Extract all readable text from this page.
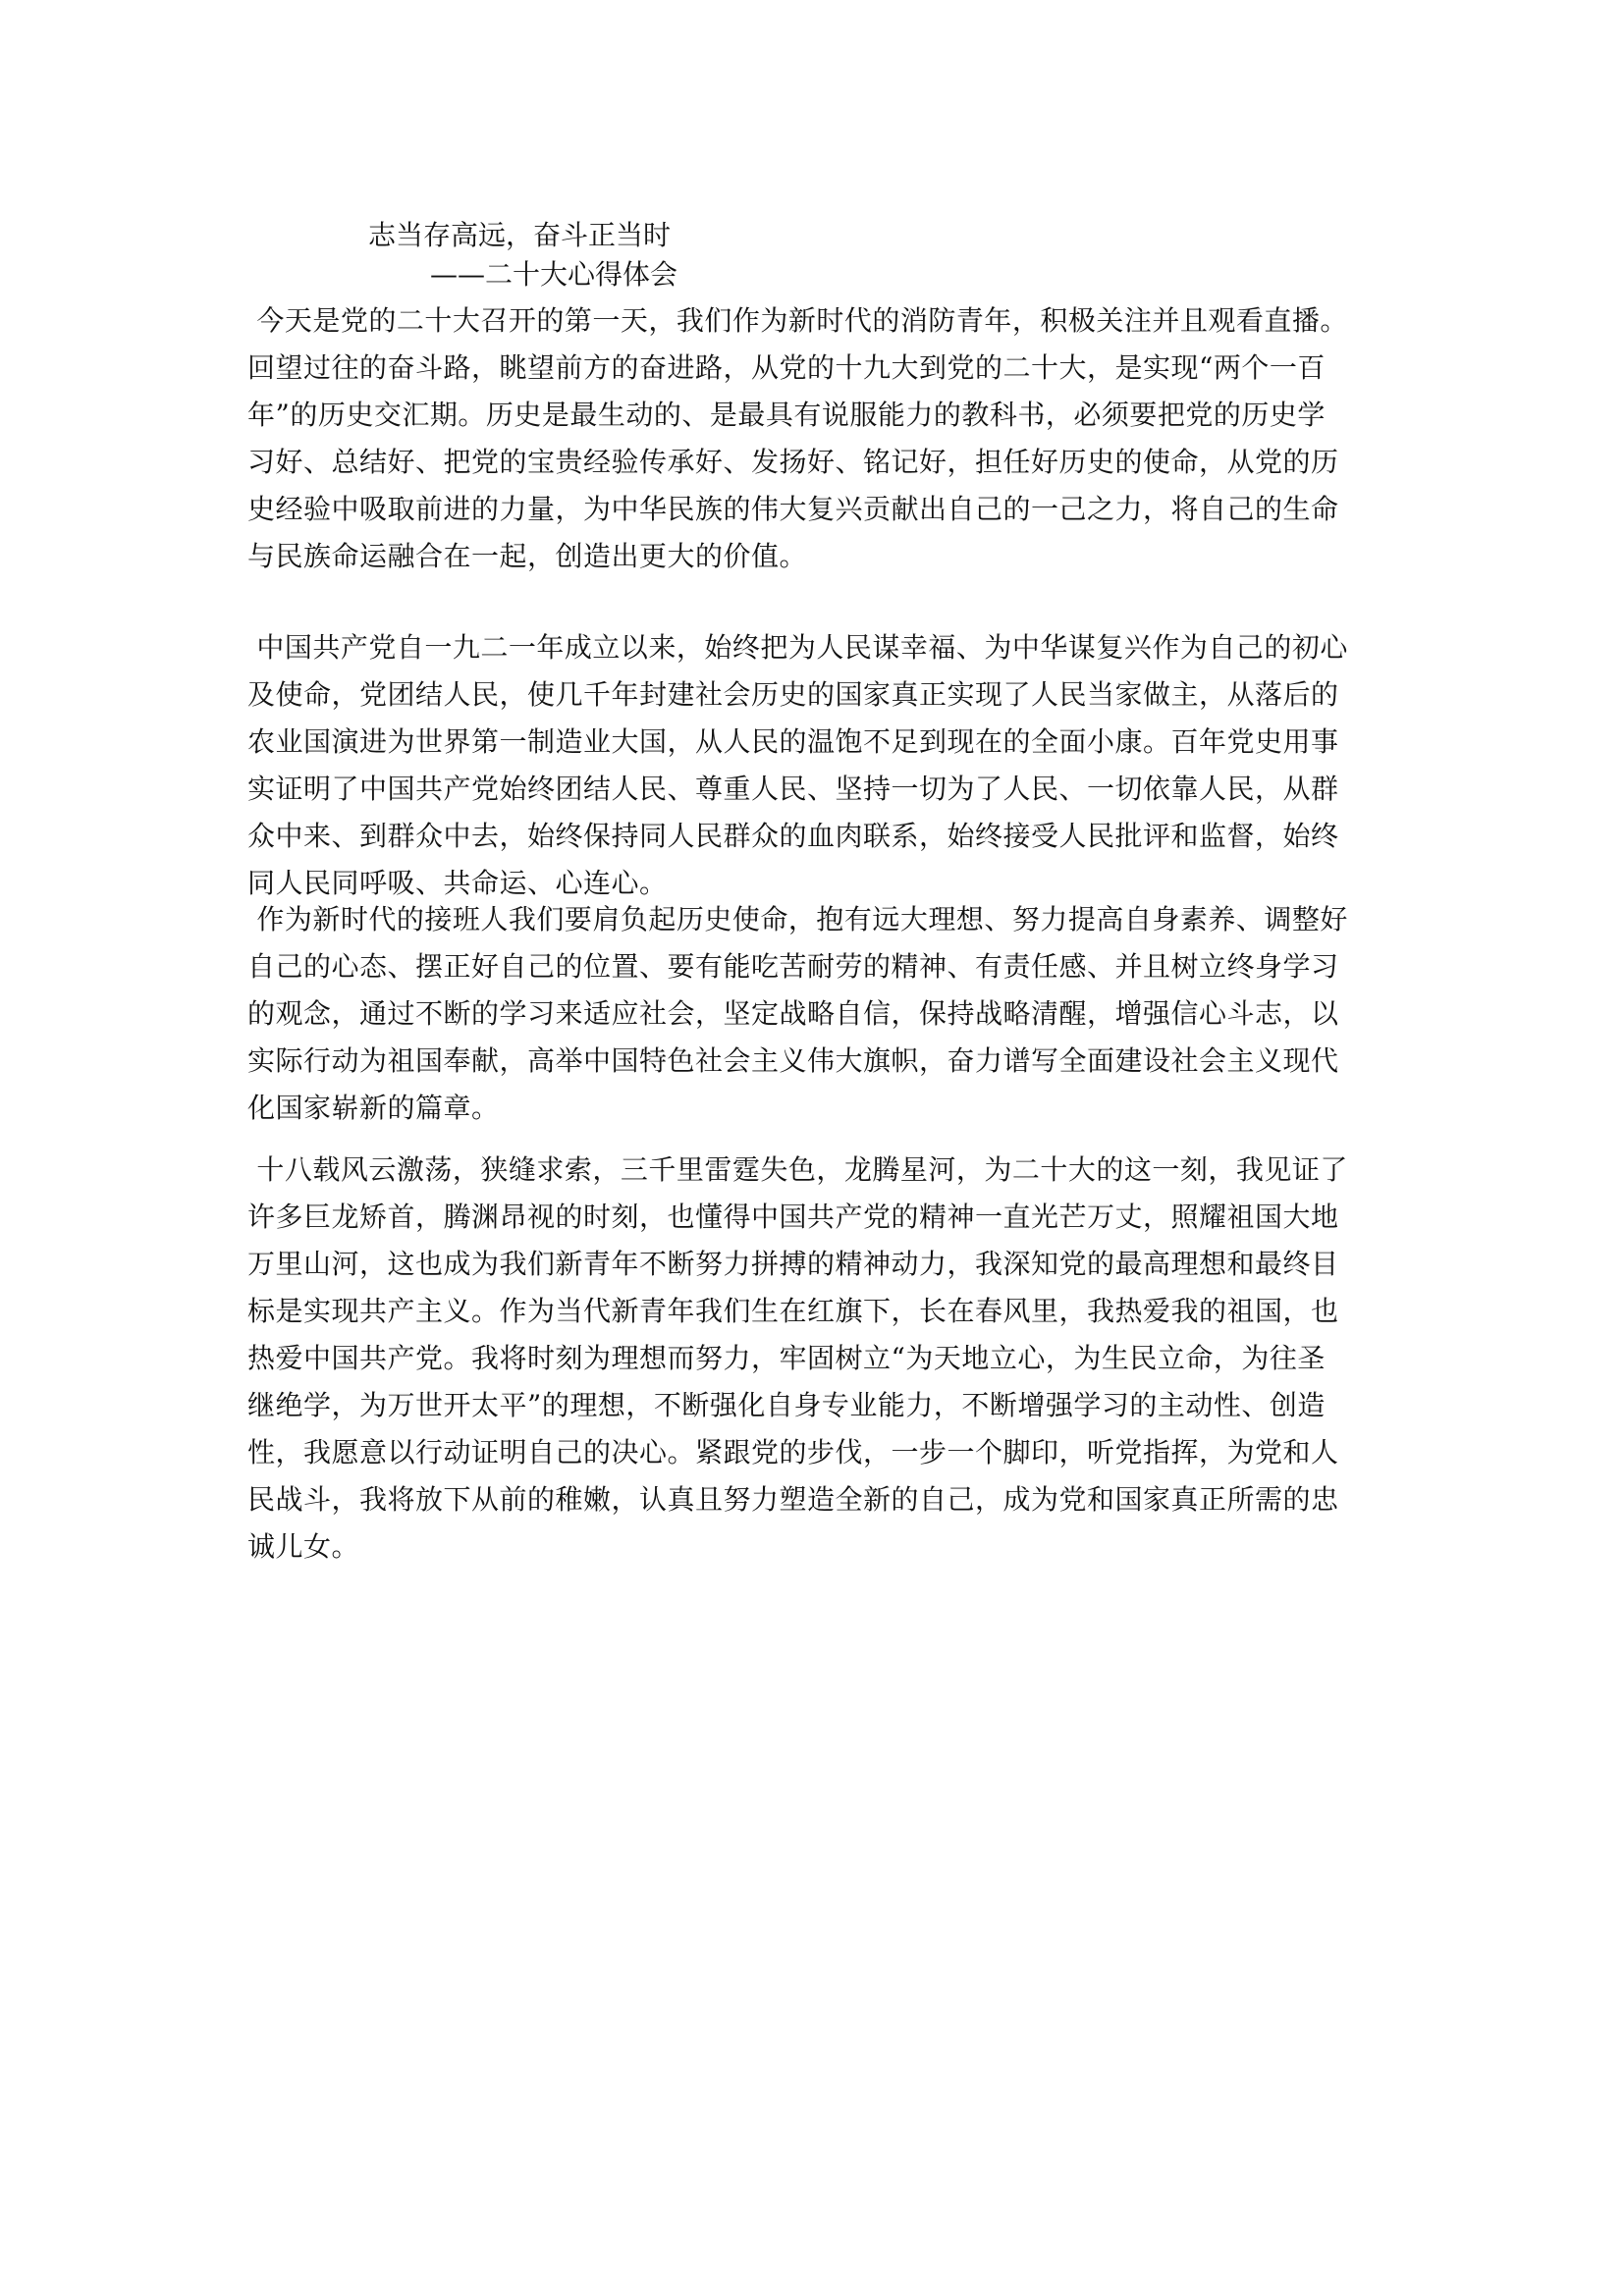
志当存高远，奋斗正当时
——二十大心得体会
今天是党的二十大召开的第一天，我们作为新时代的消防青年，积极关注并且观看直播。
回望过往的奋斗路，眺望前方的奋进路，从党的十九大到党的二十大，是实现“两个一百
年”的历史交汇期。历史是最生动的、是最具有说服能力的教科书，必须要把党的历史学
习好、总结好、把党的宝贵经验传承好、发扬好、铭记好，担任好历史的使命，从党的历
史经验中吸取前进的力量，为中华民族的伟大复兴贡献出自己的一己之力，将自己的生命
与民族命运融合在一起，创造出更大的价值。
中国共产党自一九二一年成立以来，始终把为人民谋幸福、为中华谋复兴作为自己的初心
及使命，党团结人民，使几千年封建社会历史的国家真正实现了人民当家做主，从落后的
农业国演进为世界第一制造业大国，从人民的温饱不足到现在的全面小康。百年党史用事
实证明了中国共产党始终团结人民、尊重人民、坚持一切为了人民、一切依靠人民，从群
众中来、到群众中去，始终保持同人民群众的血肉联系，始终接受人民批评和监督，始终
同人民同呼吸、共命运、心连心。
作为新时代的接班人我们要肩负起历史使命，抱有远大理想、努力提高自身素养、调整好
自己的心态、摆正好自己的位置、要有能吃苦耐劳的精神、有责任感、并且树立终身学习
的观念，通过不断的学习来适应社会，坚定战略自信，保持战略清醒，增强信心斗志，以
实际行动为祖国奉献，高举中国特色社会主义伟大旗帜，奋力谱写全面建设社会主义现代
化国家崭新的篇章。
十八载风云激荡，狭缝求索，三千里雷霆失色，龙腾星河，为二十大的这一刻，我见证了
许多巨龙矫首，腾渊昂视的时刻，也懂得中国共产党的精神一直光芒万丈，照耀祖国大地
万里山河，这也成为我们新青年不断努力拼搏的精神动力，我深知党的最高理想和最终目
标是实现共产主义。作为当代新青年我们生在红旗下，长在春风里，我热爱我的祖国，也
热爱中国共产党。我将时刻为理想而努力，牢固树立“为天地立心，为生民立命，为往圣
继绝学，为万世开太平”的理想，不断强化自身专业能力，不断增强学习的主动性、创造
性，我愿意以行动证明自己的决心。紧跟党的步伐，一步一个脚印，听党指挥，为党和人
民战斗，我将放下从前的稚嫩，认真且努力塑造全新的自己，成为党和国家真正所需的忠
诚儿女。
